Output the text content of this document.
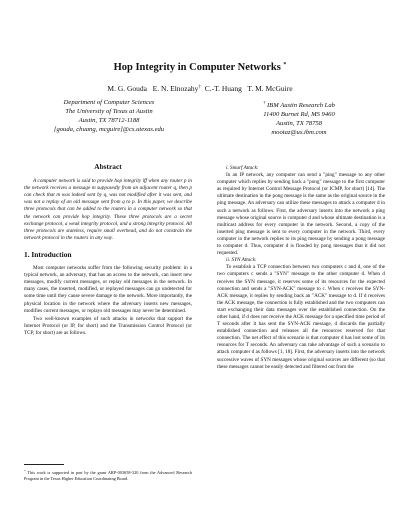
Hop Integrity in Computer Networks *
M. G. Gouda   E. N. Elnozahy† C.-T. Huang   T. M. McGuire
Department of Computer Sciences
The University of Texas at Austin
Austin, TX 78712-1188
[gouda, chuang, mcguire]@cs.utexas.edu
† IBM Austin Research Lab
11400 Burnet Rd, MS 9460
Austin, TX 78758
mootaz@us.ibm.com
Abstract

A computer network is said to provide hop integrity iff when any router p in the network receives a message m supposedly from an adjacent router q, then p can check that m was indeed sent by q, was not modified after it was sent, and was not a replay of an old message sent from q to p. In this paper, we describe three protocols that can be added to the routers in a computer network so that the network can provide hop integrity. These three protocols are a secret exchange protocol, a weak integrity protocol, and a strong integrity protocol. All three protocols are stateless, require small overhead, and do not constrain the network protocol in the routers in any way.

1. Introduction

Most computer networks suffer from the following security problem: in a typical network, an adversary, that has an access to the network, can insert new messages, modify current messages, or replay old messages in the network. In many cases, the inserted, modified, or replayed messages can go undetected for some time until they cause severe damage to the network. More importantly, the physical location in the network where the adversary inserts new messages, modifies current messages, or replays old messages may never be determined.

Two well-known examples of such attacks in networks that support the Internet Protocol (or IP, for short) and the Transmission Control Protocol (or TCP, for short) are as follows.

* This work is supported in part by the grant ARP-003658-320 from the Advanced Research Program in the Texas Higher Education Coordinating Board.

i. Smurf Attack:

In an IP network, any computer can send a "ping" message to any other computer which replies by sending back a "pong" message to the first computer as required by Internet Control Message Protocol (or ICMP, for short) [14]. The ultimate destination in the pong message is the same as the original source in the ping message. An adversary can utilize these messages to attack a computer d in such a network as follows. First, the adversary inserts into the network a ping message whose original source is computer d and whose ultimate destination is a multicast address for every computer in the network. Second, a copy of the inserted ping message is sent to every computer in the network. Third, every computer in the network replies to its ping message by sending a pong message to computer d. Thus, computer d is flooded by pong messages that it did not requested.

ii. SYN Attack:

To establish a TCP connection between two computers c and d, one of the two computers c sends a "SYN" message to the other computer d. When d receives the SYN message, it reserves some of its resources for the expected connection and sends a "SYN-ACK" message to c. When c receives the SYN-ACK message, it replies by sending back an "ACK" message to d. If d receives the ACK message, the connection is fully established and the two computers can start exchanging their data messages over the established connection. On the other hand, if d does not receive the ACK message for a specified time period of T seconds after it has sent the SYN-ACK message, d discards the partially established connection and releases all the resources reserved for that connection. The net effect of this scenario is that computer d has lost some of its resources for T seconds. An adversary can take advantage of such a scenario to attack computer d as follows [1, 18]. First, the adversary inserts into the network successive waves of SYN messages whose original sources are different (so that these messages cannot be easily detected and filtered out from the
